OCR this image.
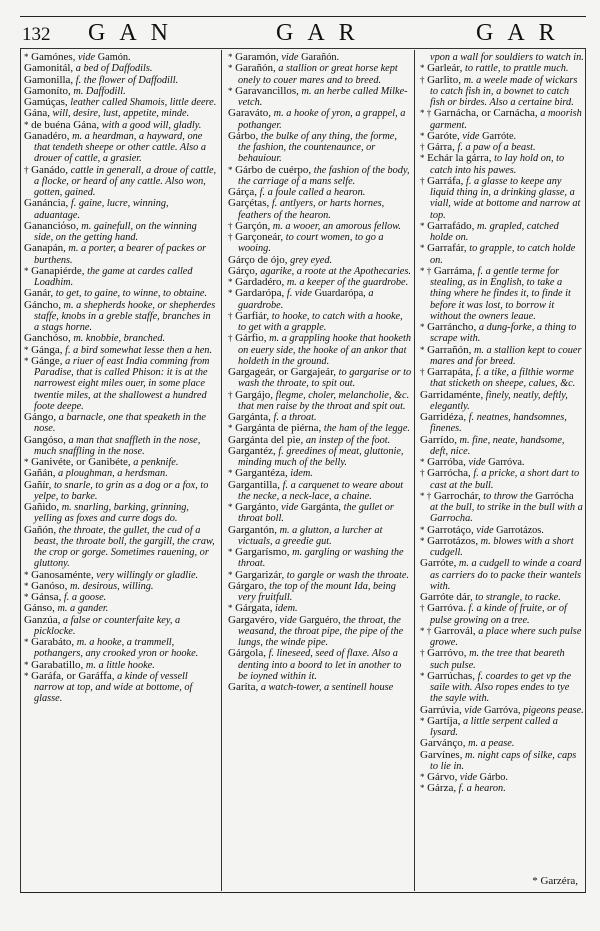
132 GAN	GAR	GAR

* Gamónes, vide Gamón.

Gamonitál, a bed of Daffodils.

Gamonilla, f. the flower of Daffodill.

Gamoníto, m. Daffodill.

Gamúças, leather called Shamois, little deere.

Gána, will, desire, lust, appetite, minde.

* de buéna Gána, with a good will, gladly.

Ganadéro, m. a heardman, a hayward, one that tendeth sheepe or other cattle. Also a drouer of cattle, a grasier.

† Ganádo, cattle in generall, a droue of cattle, a flocke, or heard of any cattle. Also won, gotten, gained.

Ganáncia, f. gaine, lucre, winning, aduantage.

Gananciόso, m. gainefull, on the winning side, on the getting hand.

Ganapán, m. a porter, a bearer of packes or burthens.

* Ganapiérde, the game at cardes called Loadhim.

Ganár, to get, to gaine, to winne, to obtaine.

Gáncho, m. a shepherds hooke, or shepherdes staffe, knobs in a greble staffe, branches in a stags horne.

Ganchóso, m. knobbie, branched.

* Gánga, f. a bird somewhat lesse then a hen.

* Gánge, a riuer of east India comming from Paradise, that is called Phison: it is at the narrowest eight miles ouer, in some place twentie miles, at the shallowest a hundred foote deepe.

Gángo, a barnacle, one that speaketh in the nose.

Gangóso, a man that snaffleth in the nose, much snaffling in the nose.

* Ganivéte, or Ganibéte, a penknife.

Gañán, a ploughman, a herdsman.

Gañír, to snarle, to grin as a dog or a fox, to yelpe, to barke.

Gañido, m. snarling, barking, grinning, yelling as foxes and curre dogs do.

Gañón, the throate, the gullet, the cud of a beast, the throate boll, the gargill, the craw, the crop or gorge. Sometimes rauening, or gluttony.

* Ganosaménte, very willingly or gladlie.

* Ganóso, m. desirous, willing.

* Gánsa, f. a goose.

Gánso, m. a gander.

Ganzúa, a false or counterfaite key, a picklocke.

* Garabáto, m. a hooke, a trammell, pothangers, any crooked yron or hooke.

* Garabatillo, m. a little hooke.

* Garáfa, or Garáffa, a kinde of vessell narrow at top, and wide at bottome, of glasse.

* Garamón, vide Garañón.

* Garañón, a stallion or great horse kept onely to couer mares and to breed.

* Garavancillos, m. an herbe called Milke-vetch.

Garaváto, m. a hooke of yron, a grappel, a pothanger.

Gárbo, the bulke of any thing, the forme, the fashion, the countenaunce, or behauiour.

* Gárbo de cuérpo, the fashion of the body, the carriage of a mans selfe.

Gárça, f. a foule called a hearon.

Garçétas, f. antlyers, or harts hornes, feathers of the hearon.

† Garçón, m. a wooer, an amorous fellow.

† Garçoneár, to court women, to go a wooing.

Gárço de ójo, grey eyed.

Gárço, agarike, a roote at the Apothecaries.

* Gardadéro, m. a keeper of the guardrobe.

* Gardarópa, f. vide Guardarópa, a guardrobe.

† Garfiár, to hooke, to catch with a hooke, to get with a grapple.

† Gárfio, m. a grappling hooke that hooketh on euery side, the hooke of an ankor that holdeth in the ground.

Gargageár, or Gargajeár, to gargarise or to wash the throate, to spit out.

† Gargájo, flegme, choler, melancholie, &c. that men raise by the throat and spit out.

Gargánta, f. a throat.

* Gargánta de piérna, the ham of the legge.

Gargánta del pie, an instep of the foot.

Gargantéz, f. greedines of meat, gluttonie, minding much of the belly.

* Gargantéza, idem.

Gargantilla, f. a carquenet to weare about the necke, a neck-lace, a chaine.

* Gargánto, vide Gargánta, the gullet or throat boll.

Gargantón, m. a glutton, a lurcher at victuals, a greedie gut.

* Gargarísmo, m. gargling or washing the throat.

* Gargarizár, to gargle or wash the throate.

Gárgaro, the top of the mount Ida, being very fruitfull.

* Gárgata, idem.

Gargavéro, vide Garguéro, the throat, the weasand, the throat pipe, the pipe of the lungs, the winde pipe.

Gárgola, f. lineseed, seed of flaxe. Also a denting into a boord to let in another to be ioyned within it.

Garíta, a watch-tower, a sentinell house

vpon a wall for souldiers to watch in.

* Garleár, to rattle, to prattle much.

† Garlito, m. a weele made of wickars to catch fish in, a bownet to catch fish or birdes. Also a certaine bird.

* † Garnácha, or Carnácha, a moorish garment.

* Garóte, vide Garróte.

† Gárra, f. a paw of a beast.

* Echár la gárra, to lay hold on, to catch into his pawes.

† Garráfa, f. a glasse to keepe any liquid thing in, a drinking glasse, a viall, wide at bottome and narrow at top.

* Garrafádo, m. grapled, catched holde on.

* Garrafár, to grapple, to catch holde on.

* † Garráma, f. a gentle terme for stealing, as in English, to take a thing where he findes it, to finde it before it was lost, to borrow it without the owners leaue.

* Garráncho, a dung-forke, a thing to scrape with.

* Garrañón, m. a stallion kept to couer mares and for breed.

† Garrapáta, f. a tike, a filthie worme that sticketh on sheepe, calues, &c.

Garridaménte, finely, neatly, deftly, elegantly.

Garridéza, f. neatnes, handsomnes, finenes.

Garrído, m. fine, neate, handsome, deft, nice.

* Garróba, vide Garróva.

† Garrócha, f. a pricke, a short dart to cast at the bull.

* † Garrochár, to throw the Garrócha at the bull, to strike in the bull with a Garrocha.

* Garrotáço, vide Garrotázos.

* Garrotázos, m. blowes with a short cudgell.

Garróte, m. a cudgell to winde a coard as carriers do to packe their wantels with.

Garróte dár, to strangle, to racke.

† Garróva. f. a kinde of fruite, or of pulse growing on a tree.

* † Garrovál, a place where such pulse growe.

† Garróvo, m. the tree that beareth such pulse.

* Garrúchas, f. coardes to get vp the saile with. Also ropes endes to tye the sayle with.

Garrúvia, vide Garróva, pigeons pease.

* Gartíja, a little serpent called a lysard.

Garvánço, m. a pease.

Garvínes, m. night caps of silke, caps to lie in.

* Gárvo, vide Gárbo.

* Gárza, f. a hearon.

* Garzéra,
